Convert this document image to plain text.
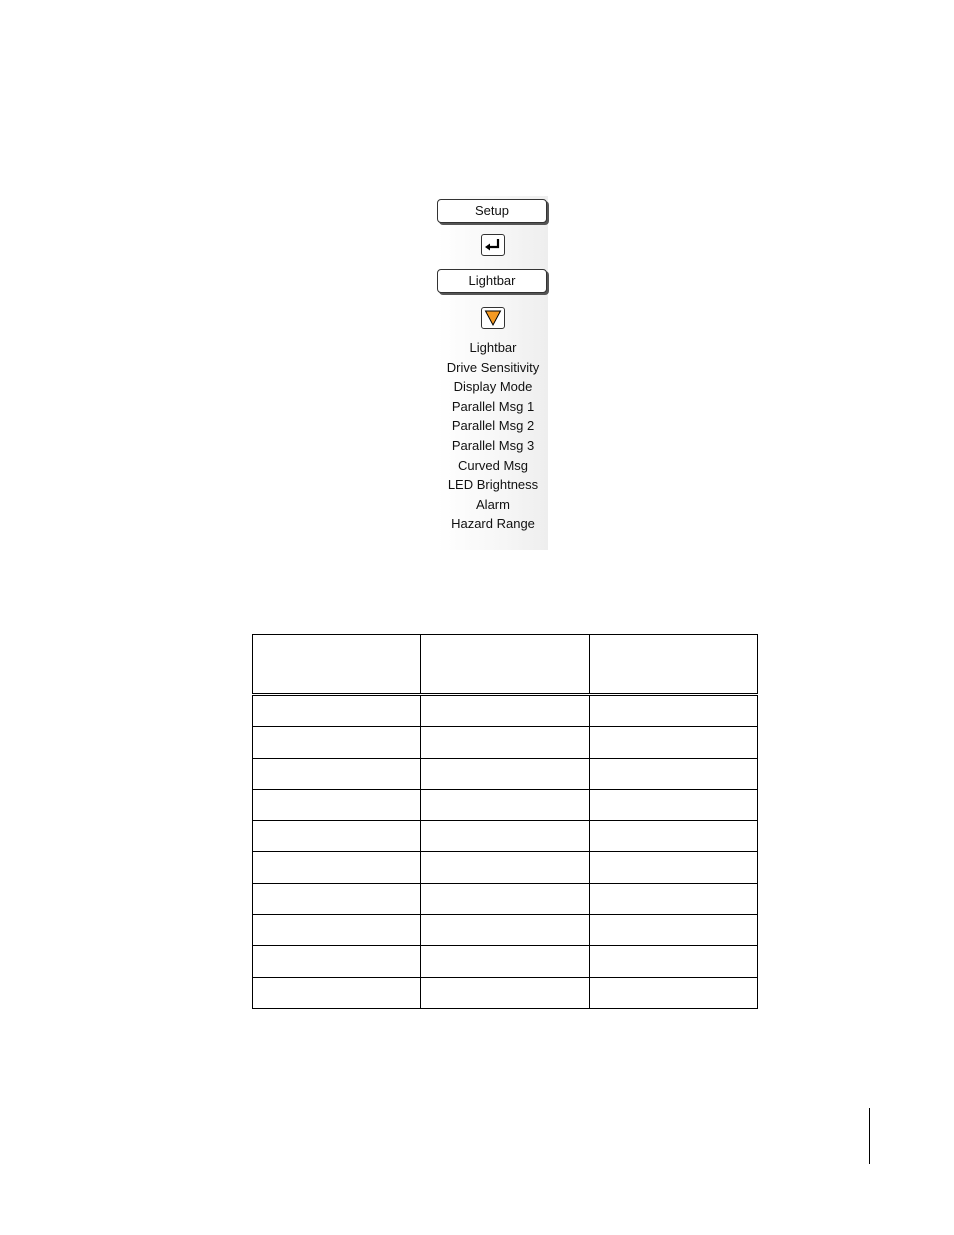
Setup
Lightbar
Lightbar
Drive Sensitivity
Display Mode
Parallel Msg 1
Parallel Msg 2
Parallel Msg 3
Curved Msg
LED Brightness
Alarm
Hazard Range
